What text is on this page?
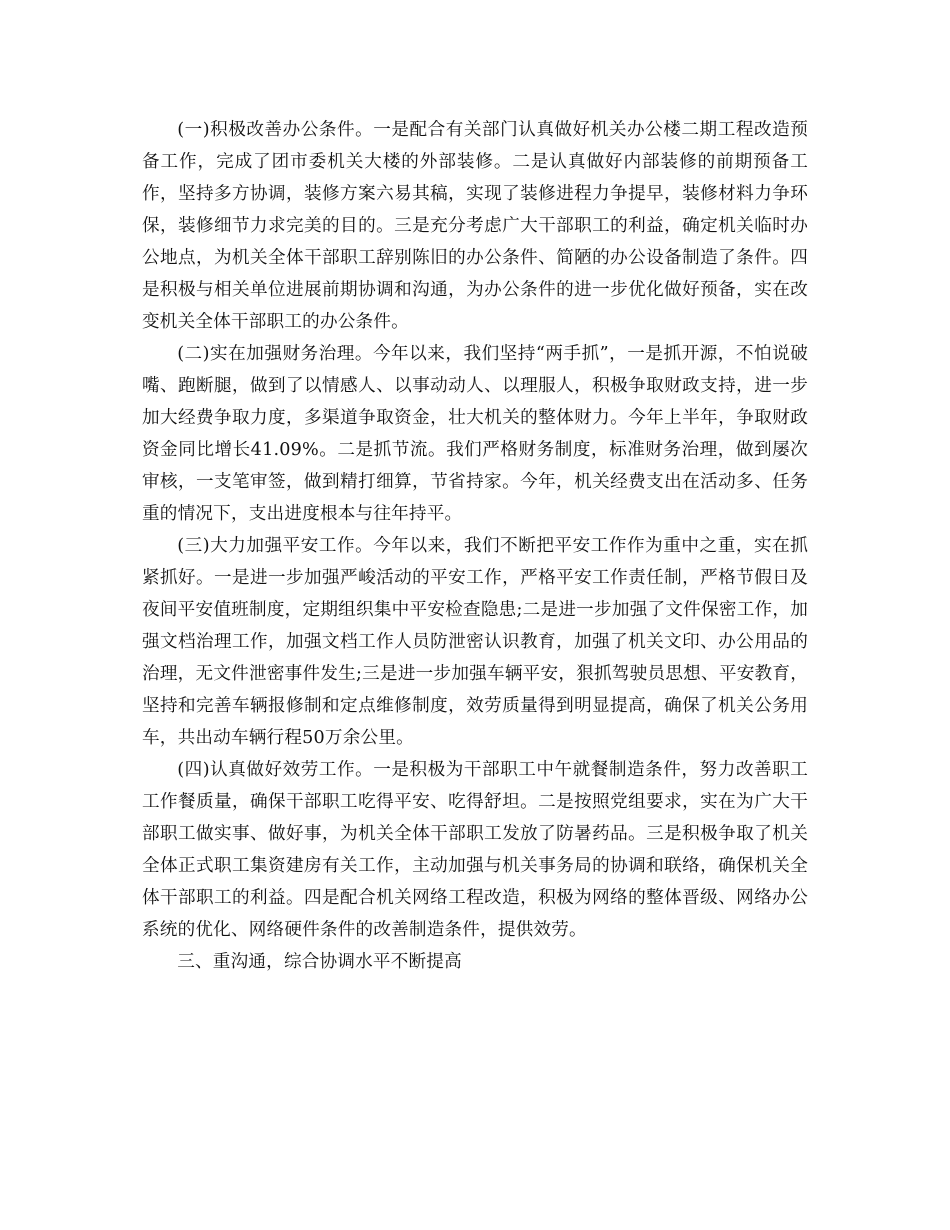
(一)积极改善办公条件。一是配合有关部门认真做好机关办公楼二期工程改造预备工作，完成了团市委机关大楼的外部装修。二是认真做好内部装修的前期预备工作，坚持多方协调，装修方案六易其稿，实现了装修进程力争提早，装修材料力争环保，装修细节力求完美的目的。三是充分考虑广大干部职工的利益，确定机关临时办公地点，为机关全体干部职工辞别陈旧的办公条件、简陋的办公设备制造了条件。四是积极与相关单位进展前期协调和沟通，为办公条件的进一步优化做好预备，实在改变机关全体干部职工的办公条件。

(二)实在加强财务治理。今年以来，我们坚持“两手抓”，一是抓开源，不怕说破嘴、跑断腿，做到了以情感人、以事动动人、以理服人，积极争取财政支持，进一步加大经费争取力度，多渠道争取资金，壮大机关的整体财力。今年上半年，争取财政资金同比增长41.09%。二是抓节流。我们严格财务制度，标准财务治理，做到屡次审核，一支笔审签，做到精打细算，节省持家。今年，机关经费支出在活动多、任务重的情况下，支出进度根本与往年持平。

(三)大力加强平安工作。今年以来，我们不断把平安工作作为重中之重，实在抓紧抓好。一是进一步加强严峻活动的平安工作，严格平安工作责任制，严格节假日及夜间平安值班制度，定期组织集中平安检查隐患;二是进一步加强了文件保密工作，加强文档治理工作，加强文档工作人员防泄密认识教育，加强了机关文印、办公用品的治理，无文件泄密事件发生;三是进一步加强车辆平安，狠抓驾驶员思想、平安教育，坚持和完善车辆报修制和定点维修制度，效劳质量得到明显提高，确保了机关公务用车，共出动车辆行程50万余公里。

(四)认真做好效劳工作。一是积极为干部职工中午就餐制造条件，努力改善职工工作餐质量，确保干部职工吃得平安、吃得舒坦。二是按照党组要求，实在为广大干部职工做实事、做好事，为机关全体干部职工发放了防暑药品。三是积极争取了机关全体正式职工集资建房有关工作，主动加强与机关事务局的协调和联络，确保机关全体干部职工的利益。四是配合机关网络工程改造，积极为网络的整体晋级、网络办公系统的优化、网络硬件条件的改善制造条件，提供效劳。

三、重沟通，综合协调水平不断提高
